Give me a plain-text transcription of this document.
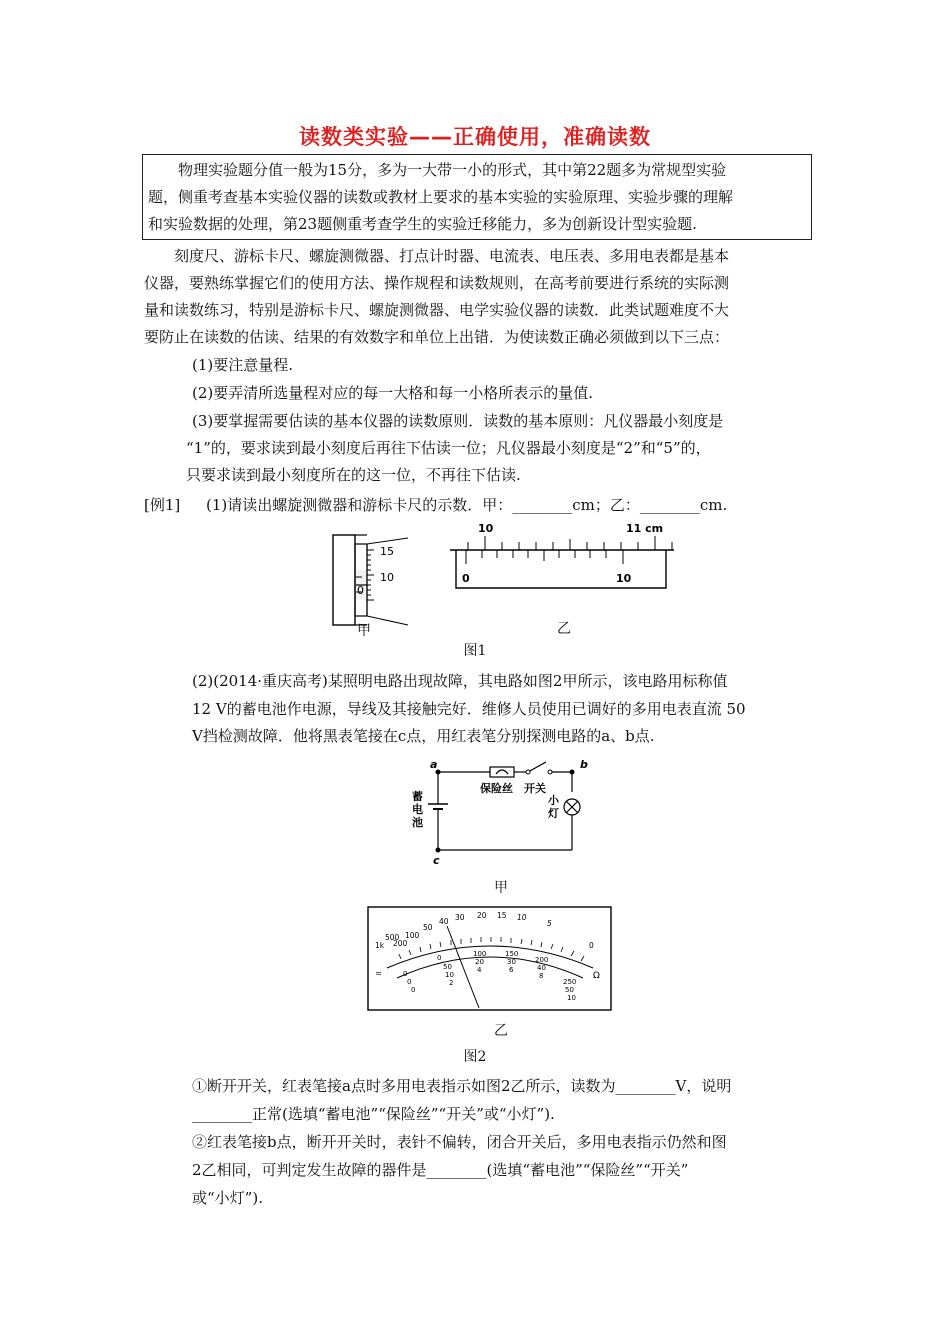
读数类实验——正确使用，准确读数
物理实验题分值一般为15分，多为一大带一小的形式，其中第22题多为常规型实验
题，侧重考查基本实验仪器的读数或教材上要求的基本实验的实验原理、实验步骤的理解
和实验数据的处理，第23题侧重考查学生的实验迁移能力，多为创新设计型实验题.
刻度尺、游标卡尺、螺旋测微器、打点计时器、电流表、电压表、多用电表都是基本
仪器，要熟练掌握它们的使用方法、操作规程和读数规则，在高考前要进行系统的实际测
量和读数练习，特别是游标卡尺、螺旋测微器、电学实验仪器的读数．此类试题难度不大
要防止在读数的估读、结果的有效数字和单位上出错．为使读数正确必须做到以下三点：
(1)要注意量程.
(2)要弄清所选量程对应的每一大格和每一小格所表示的量值.
(3)要掌握需要估读的基本仪器的读数原则．读数的基本原则：凡仪器最小刻度是
“1”的，要求读到最小刻度后再往下估读一位；凡仪器最小刻度是“2”和“5”的，
只要求读到最小刻度所在的这一位，不再往下估读.
[例1] (1)请读出螺旋测微器和游标卡尺的示数．甲：________cm；乙：________cm.
15
10
0
甲
10	11 cm
0	10
乙
图1
(2)(2014·重庆高考)某照明电路出现故障，其电路如图2甲所示，该电路用标称值
12 V的蓄电池作电源，导线及其接触完好．维修人员使用已调好的多用电表直流 50
V挡检测故障．他将黑表笔接在c点，用红表笔分别探测电路的a、b点.
a	b
c
保险丝 开关
蓄
电
池
小
灯
甲
1k
500
200
100
50
40 30 20 15 10
5
0
0
50
10
2
100
20
4
150
30
6
200
40
8
250
50
10
0
0
0
≂	Ω
乙
图2
①断开开关，红表笔接a点时多用电表指示如图2乙所示，读数为________V，说明
________正常(选填“蓄电池”“保险丝”“开关”或“小灯”).
②红表笔接b点，断开开关时，表针不偏转，闭合开关后，多用电表指示仍然和图
2乙相同，可判定发生故障的器件是________(选填“蓄电池”“保险丝”“开关”
或“小灯”).
